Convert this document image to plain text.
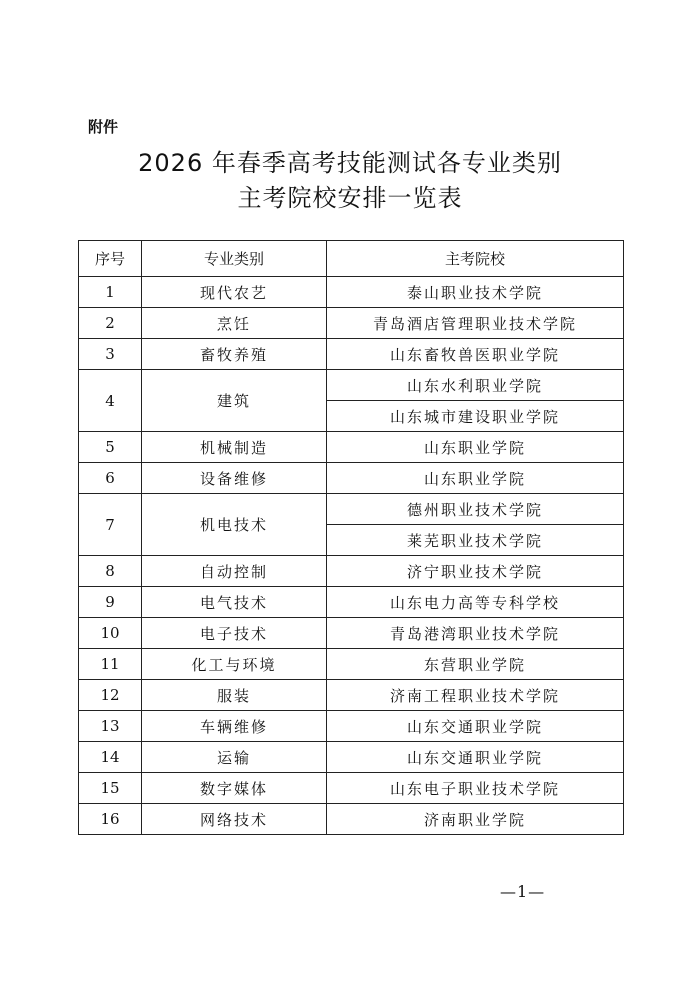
附件
2026 年春季高考技能测试各专业类别
主考院校安排一览表
序号	专业类别	主考院校
1	现代农艺	泰山职业技术学院
2	烹饪	青岛酒店管理职业技术学院
3	畜牧养殖	山东畜牧兽医职业学院
4	建筑	山东水利职业学院
		山东城市建设职业学院
5	机械制造	山东职业学院
6	设备维修	山东职业学院
7	机电技术	德州职业技术学院
		莱芜职业技术学院
8	自动控制	济宁职业技术学院
9	电气技术	山东电力高等专科学校
10	电子技术	青岛港湾职业技术学院
11	化工与环境	东营职业学院
12	服装	济南工程职业技术学院
13	车辆维修	山东交通职业学院
14	运输	山东交通职业学院
15	数字媒体	山东电子职业技术学院
16	网络技术	济南职业学院
—1—
